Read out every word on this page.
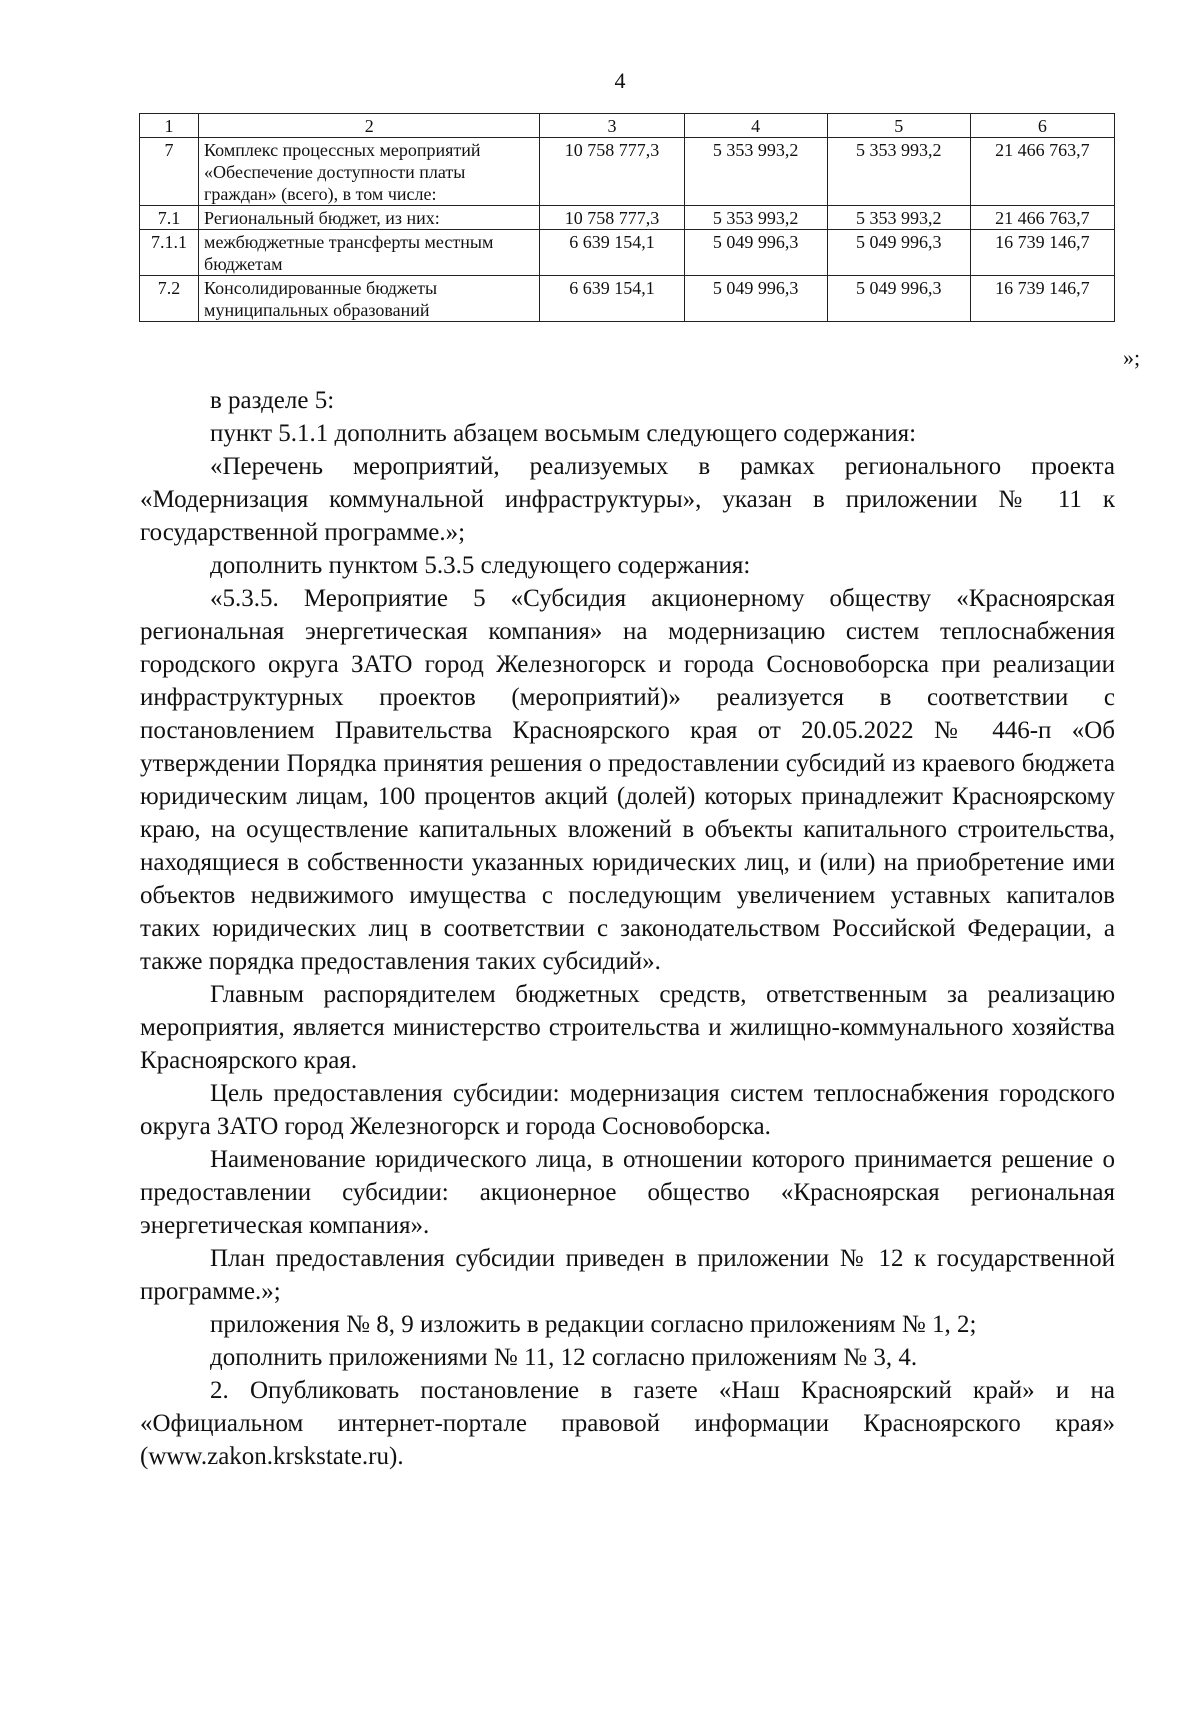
4
1	2	3	4	5	6
7	Комплекс процессных мероприятий «Обеспечение доступности платы граждан» (всего), в том числе:	10 758 777,3	5 353 993,2	5 353 993,2	21 466 763,7
7.1	Региональный бюджет, из них:	10 758 777,3	5 353 993,2	5 353 993,2	21 466 763,7
7.1.1	межбюджетные трансферты местным бюджетам	6 639 154,1	5 049 996,3	5 049 996,3	16 739 146,7
7.2	Консолидированные бюджеты муниципальных образований	6 639 154,1	5 049 996,3	5 049 996,3	16 739 146,7
»;

в разделе 5:

пункт 5.1.1 дополнить абзацем восьмым следующего содержания:

«Перечень мероприятий, реализуемых в рамках регионального проекта «Модернизация коммунальной инфраструктуры», указан в приложении № 11 к государственной программе.»;

дополнить пунктом 5.3.5 следующего содержания:

«5.3.5. Мероприятие 5 «Субсидия акционерному обществу «Красноярская региональная энергетическая компания» на модернизацию систем теплоснабжения городского округа ЗАТО город Железногорск и города Сосновоборска при реализации инфраструктурных проектов (мероприятий)» реализуется в соответствии с постановлением Правительства Красноярского края от 20.05.2022 № 446-п «Об утверждении Порядка принятия решения о предоставлении субсидий из краевого бюджета юридическим лицам, 100 процентов акций (долей) которых принадлежит Красноярскому краю, на осуществление капитальных вложений в объекты капитального строительства, находящиеся в собственности указанных юридических лиц, и (или) на приобретение ими объектов недвижимого имущества с последующим увеличением уставных капиталов таких юридических лиц в соответствии с законодательством Российской Федерации, а также порядка предоставления таких субсидий».

Главным распорядителем бюджетных средств, ответственным за реализацию мероприятия, является министерство строительства и жилищно-коммунального хозяйства Красноярского края.

Цель предоставления субсидии: модернизация систем теплоснабжения городского округа ЗАТО город Железногорск и города Сосновоборска.

Наименование юридического лица, в отношении которого принимается решение о предоставлении субсидии: акционерное общество «Красноярская региональная энергетическая компания».

План предоставления субсидии приведен в приложении № 12 к государственной программе.»;

приложения № 8, 9 изложить в редакции согласно приложениям № 1, 2;

дополнить приложениями № 11, 12 согласно приложениям № 3, 4.

2. Опубликовать постановление в газете «Наш Красноярский край» и на «Официальном интернет-портале правовой информации Красноярского края» (www.zakon.krskstate.ru).
